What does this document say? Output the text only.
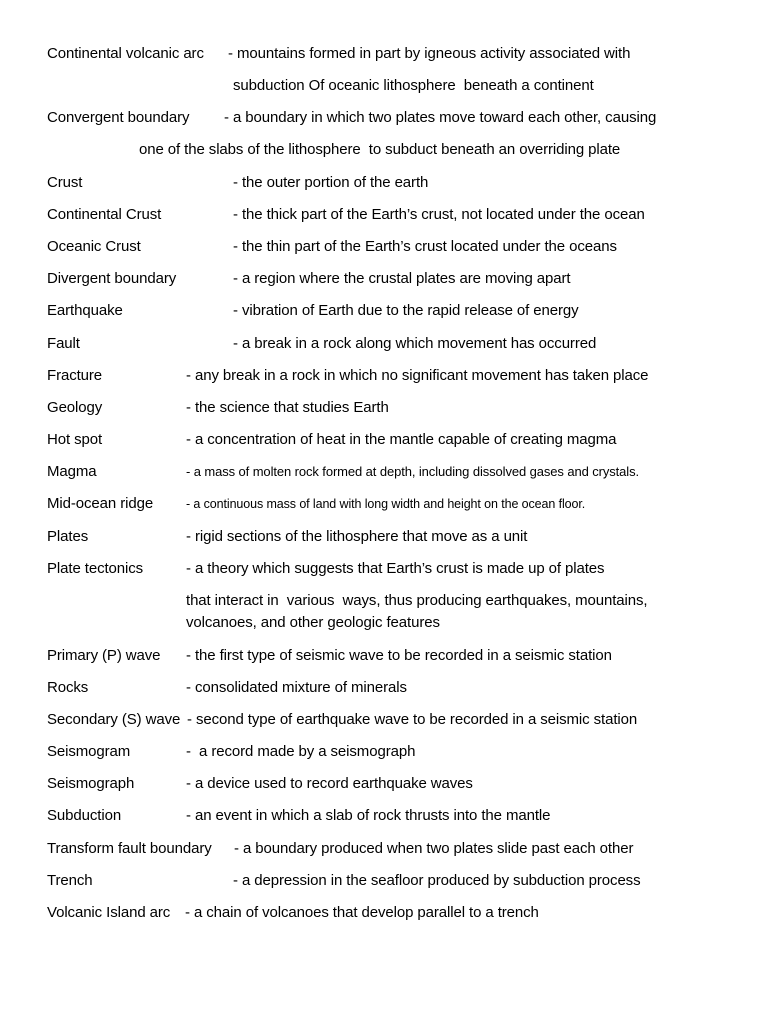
Continental volcanic arc - mountains formed in part by igneous activity associated with
subduction Of oceanic lithosphere  beneath a continent
Convergent boundary - a boundary in which two plates move toward each other, causing
one of the slabs of the lithosphere  to subduct beneath an overriding plate
Crust	- the outer portion of the earth
Continental Crust	- the thick part of the Earth’s crust, not located under the ocean
Oceanic Crust	- the thin part of the Earth’s crust located under the oceans
Divergent boundary	- a region where the crustal plates are moving apart
Earthquake	- vibration of Earth due to the rapid release of energy
Fault	- a break in a rock along which movement has occurred
Fracture	- any break in a rock in which no significant movement has taken place
Geology	- the science that studies Earth
Hot spot	- a concentration of heat in the mantle capable of creating magma
Magma	- a mass of molten rock formed at depth, including dissolved gases and crystals.
Mid-ocean ridge	- a continuous mass of land with long width and height on the ocean floor.
Plates	- rigid sections of the lithosphere that move as a unit
Plate tectonics	- a theory which suggests that Earth’s crust is made up of plates
that interact in  various  ways, thus producing earthquakes, mountains,
volcanoes, and other geologic features
Primary (P) wave - the first type of seismic wave to be recorded in a seismic station
Rocks	- consolidated mixture of minerals
Secondary (S) wave - second type of earthquake wave to be recorded in a seismic station
Seismogram	-  a record made by a seismograph
Seismograph	- a device used to record earthquake waves
Subduction	- an event in which a slab of rock thrusts into the mantle
Transform fault boundary - a boundary produced when two plates slide past each other
Trench	- a depression in the seafloor produced by subduction process
Volcanic Island arc - a chain of volcanoes that develop parallel to a trench
